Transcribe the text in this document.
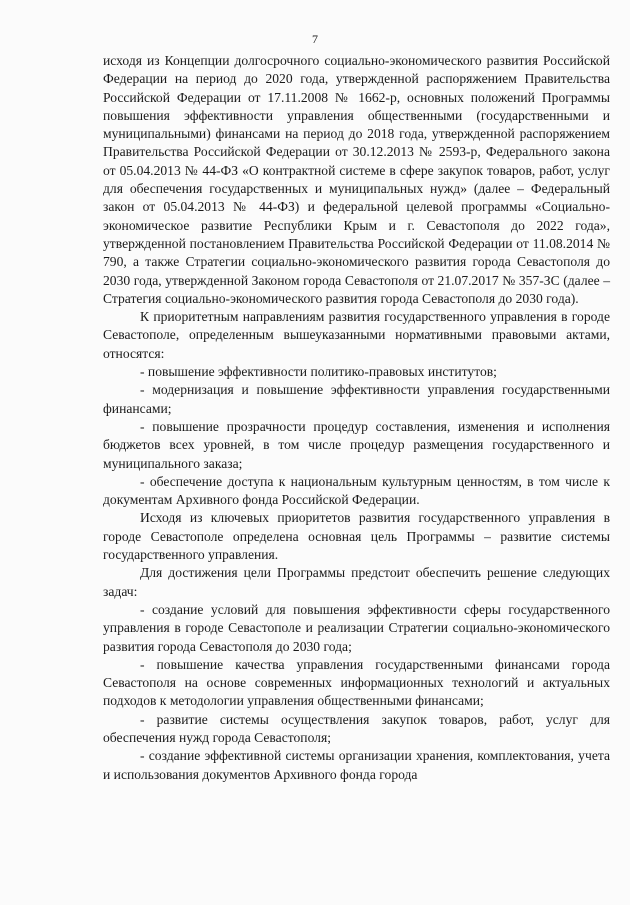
7

исходя из Концепции долгосрочного социально-экономического развития Российской Федерации на период до 2020 года, утвержденной распоряжением Правительства Российской Федерации от 17.11.2008 № 1662-р, основных положений Программы повышения эффективности управления общественными (государственными и муниципальными) финансами на период до 2018 года, утвержденной распоряжением Правительства Российской Федерации от 30.12.2013 № 2593-р, Федерального закона от 05.04.2013 № 44-ФЗ «О контрактной системе в сфере закупок товаров, работ, услуг для обеспечения государственных и муниципальных нужд» (далее – Федеральный закон от 05.04.2013 № 44-ФЗ) и федеральной целевой программы «Социально-экономическое развитие Республики Крым и г. Севастополя до 2022 года», утвержденной постановлением Правительства Российской Федерации от 11.08.2014 № 790, а также Стратегии социально-экономического развития города Севастополя до 2030 года, утвержденной Законом города Севастополя от 21.07.2017 № 357-ЗС (далее – Стратегия социально-экономического развития города Севастополя до 2030 года).

К приоритетным направлениям развития государственного управления в городе Севастополе, определенным вышеуказанными нормативными правовыми актами, относятся:

- повышение эффективности политико-правовых институтов;

- модернизация и повышение эффективности управления государственными финансами;

- повышение прозрачности процедур составления, изменения и исполнения бюджетов всех уровней, в том числе процедур размещения государственного и муниципального заказа;

- обеспечение доступа к национальным культурным ценностям, в том числе к документам Архивного фонда Российской Федерации.

Исходя из ключевых приоритетов развития государственного управления в городе Севастополе определена основная цель Программы – развитие системы государственного управления.

Для достижения цели Программы предстоит обеспечить решение следующих задач:

- создание условий для повышения эффективности сферы государственного управления в городе Севастополе и реализации Стратегии социально-экономического развития города Севастополя до 2030 года;

- повышение качества управления государственными финансами города Севастополя на основе современных информационных технологий и актуальных подходов к методологии управления общественными финансами;

- развитие системы осуществления закупок товаров, работ, услуг для обеспечения нужд города Севастополя;

- создание эффективной системы организации хранения, комплектования, учета и использования документов Архивного фонда города
